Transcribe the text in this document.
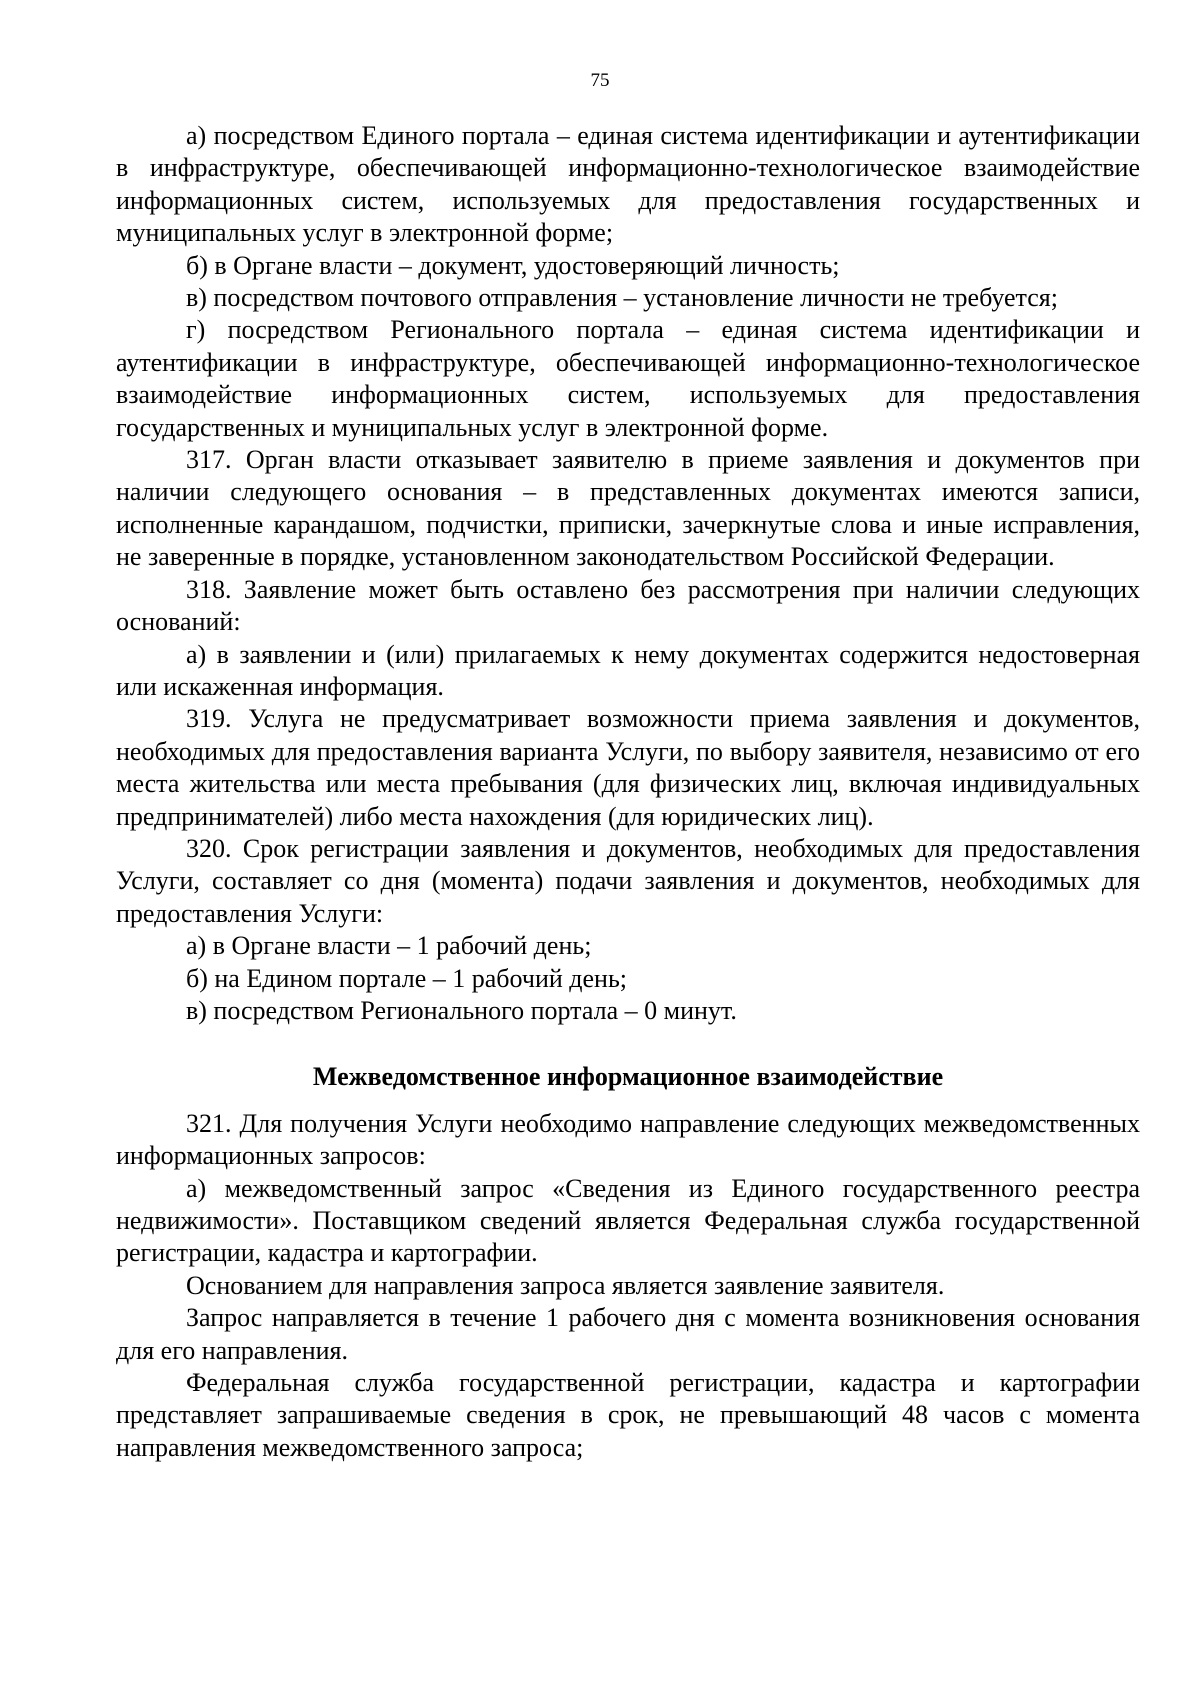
75

а) посредством Единого портала – единая система идентификации и аутентификации в инфраструктуре, обеспечивающей информационно-технологическое взаимодействие информационных систем, используемых для предоставления государственных и муниципальных услуг в электронной форме;

б) в Органе власти – документ, удостоверяющий личность;

в) посредством почтового отправления – установление личности не требуется;

г) посредством Регионального портала – единая система идентификации и аутентификации в инфраструктуре, обеспечивающей информационно-технологическое взаимодействие информационных систем, используемых для предоставления государственных и муниципальных услуг в электронной форме.

317. Орган власти отказывает заявителю в приеме заявления и документов при наличии следующего основания – в представленных документах имеются записи, исполненные карандашом, подчистки, приписки, зачеркнутые слова и иные исправления, не заверенные в порядке, установленном законодательством Российской Федерации.

318. Заявление может быть оставлено без рассмотрения при наличии следующих оснований:

а) в заявлении и (или) прилагаемых к нему документах содержится недостоверная или искаженная информация.

319. Услуга не предусматривает возможности приема заявления и документов, необходимых для предоставления варианта Услуги, по выбору заявителя, независимо от его места жительства или места пребывания (для физических лиц, включая индивидуальных предпринимателей) либо места нахождения (для юридических лиц).

320. Срок регистрации заявления и документов, необходимых для предоставления Услуги, составляет со дня (момента) подачи заявления и документов, необходимых для предоставления Услуги:

а) в Органе власти – 1 рабочий день;

б) на Едином портале – 1 рабочий день;

в) посредством Регионального портала – 0 минут.

Межведомственное информационное взаимодействие

321. Для получения Услуги необходимо направление следующих межведомственных информационных запросов:

а) межведомственный запрос «Сведения из Единого государственного реестра недвижимости». Поставщиком сведений является Федеральная служба государственной регистрации, кадастра и картографии.

Основанием для направления запроса является заявление заявителя.

Запрос направляется в течение 1 рабочего дня с момента возникновения основания для его направления.

Федеральная служба государственной регистрации, кадастра и картографии представляет запрашиваемые сведения в срок, не превышающий 48 часов с момента направления межведомственного запроса;
